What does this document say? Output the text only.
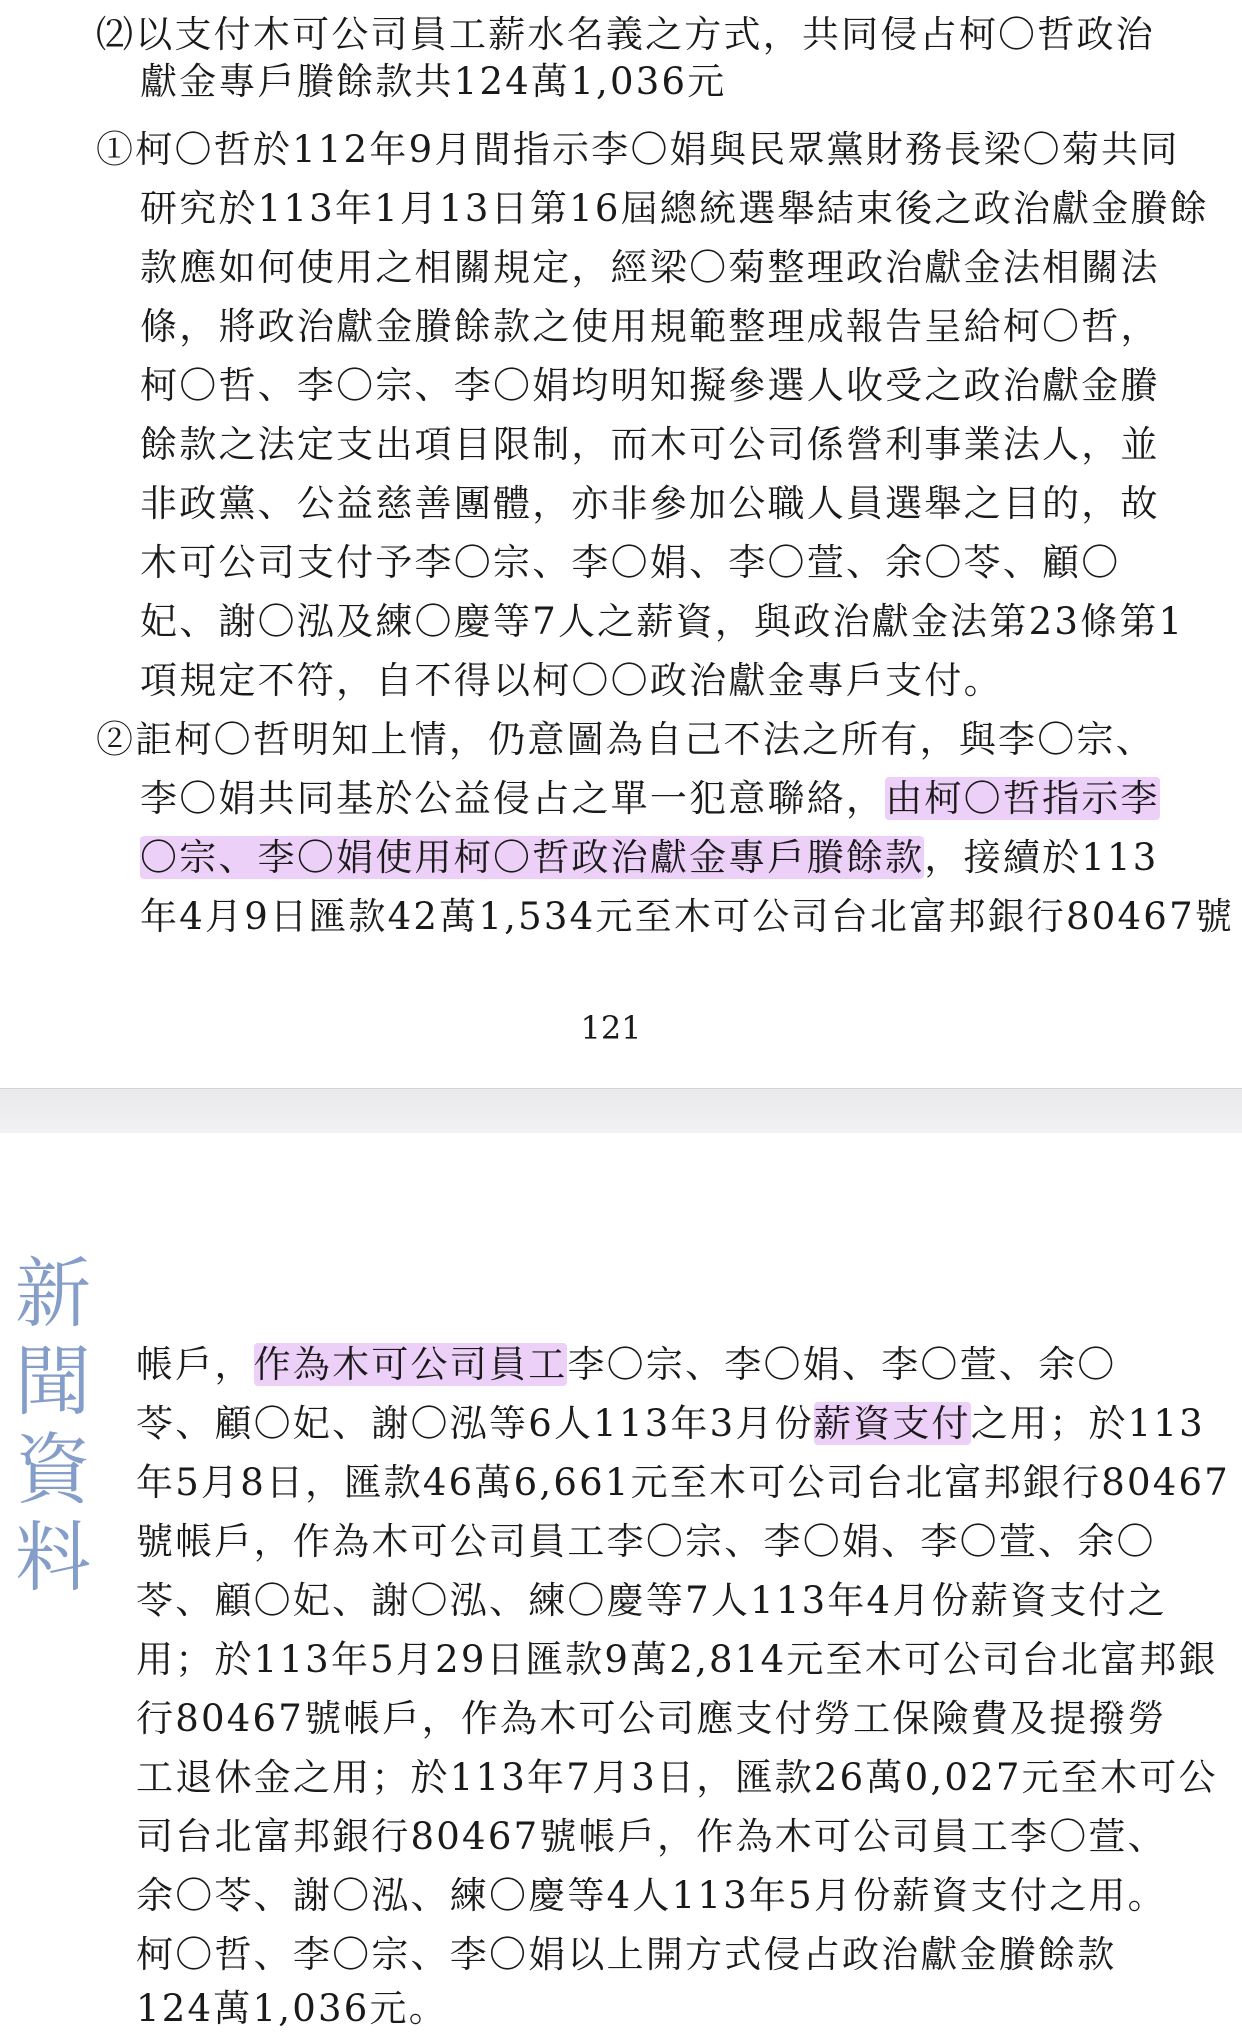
⑵以支付木可公司員工薪水名義之方式，共同侵占柯〇哲政治
獻金專戶賸餘款共124萬1,036元
①柯〇哲於112年9月間指示李〇娟與民眾黨財務長梁〇菊共同
研究於113年1月13日第16屆總統選舉結束後之政治獻金賸餘
款應如何使用之相關規定，經梁〇菊整理政治獻金法相關法
條，將政治獻金賸餘款之使用規範整理成報告呈給柯〇哲，
柯〇哲、李〇宗、李〇娟均明知擬參選人收受之政治獻金賸
餘款之法定支出項目限制，而木可公司係營利事業法人，並
非政黨、公益慈善團體，亦非參加公職人員選舉之目的，故
木可公司支付予李〇宗、李〇娟、李〇萱、余〇苓、顧〇
妃、謝〇泓及練〇慶等7人之薪資，與政治獻金法第23條第1
項規定不符，自不得以柯〇〇政治獻金專戶支付。
②詎柯〇哲明知上情，仍意圖為自己不法之所有，與李〇宗、
李〇娟共同基於公益侵占之單一犯意聯絡，由柯〇哲指示李
〇宗、李〇娟使用柯〇哲政治獻金專戶賸餘款，接續於113
年4月9日匯款42萬1,534元至木可公司台北富邦銀行80467號
121
新
聞
資
料
帳戶，作為木可公司員工李〇宗、李〇娟、李〇萱、余〇
苓、顧〇妃、謝〇泓等6人113年3月份薪資支付之用；於113
年5月8日，匯款46萬6,661元至木可公司台北富邦銀行80467
號帳戶，作為木可公司員工李〇宗、李〇娟、李〇萱、余〇
苓、顧〇妃、謝〇泓、練〇慶等7人113年4月份薪資支付之
用；於113年5月29日匯款9萬2,814元至木可公司台北富邦銀
行80467號帳戶，作為木可公司應支付勞工保險費及提撥勞
工退休金之用；於113年7月3日，匯款26萬0,027元至木可公
司台北富邦銀行80467號帳戶，作為木可公司員工李〇萱、
余〇苓、謝〇泓、練〇慶等4人113年5月份薪資支付之用。
柯〇哲、李〇宗、李〇娟以上開方式侵占政治獻金賸餘款
124萬1,036元。
